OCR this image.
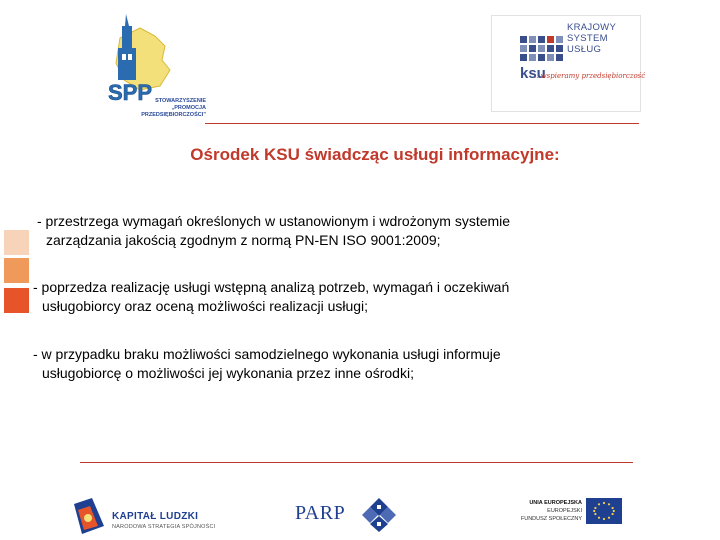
SPP STOWARZYSZENIE
„PROMOCJA PRZEDSIĘBIORCZOŚCI”
ksu
KRAJOWY
SYSTEM
USŁUG
...wspieramy przedsiębiorczość
Ośrodek KSU świadcząc usługi informacyjne:

- przestrzega wymagań określonych w ustanowionym i wdrożonym systemie
zarządzania jakością zgodnym z normą PN-EN ISO 9001:2009;

- poprzedza realizację usługi wstępną analizą potrzeb, wymagań i oczekiwań
usługobiorcy oraz oceną możliwości realizacji usługi;

- w przypadku braku możliwości samodzielnego wykonania usługi informuje
usługobiorcę o możliwości jej wykonania przez inne ośrodki;

KAPITAŁ LUDZKI
NARODOWA STRATEGIA SPÓJNOŚCI
PARP	UNIA EUROPEJSKA
EUROPEJSKI
FUNDUSZ SPOŁECZNY
